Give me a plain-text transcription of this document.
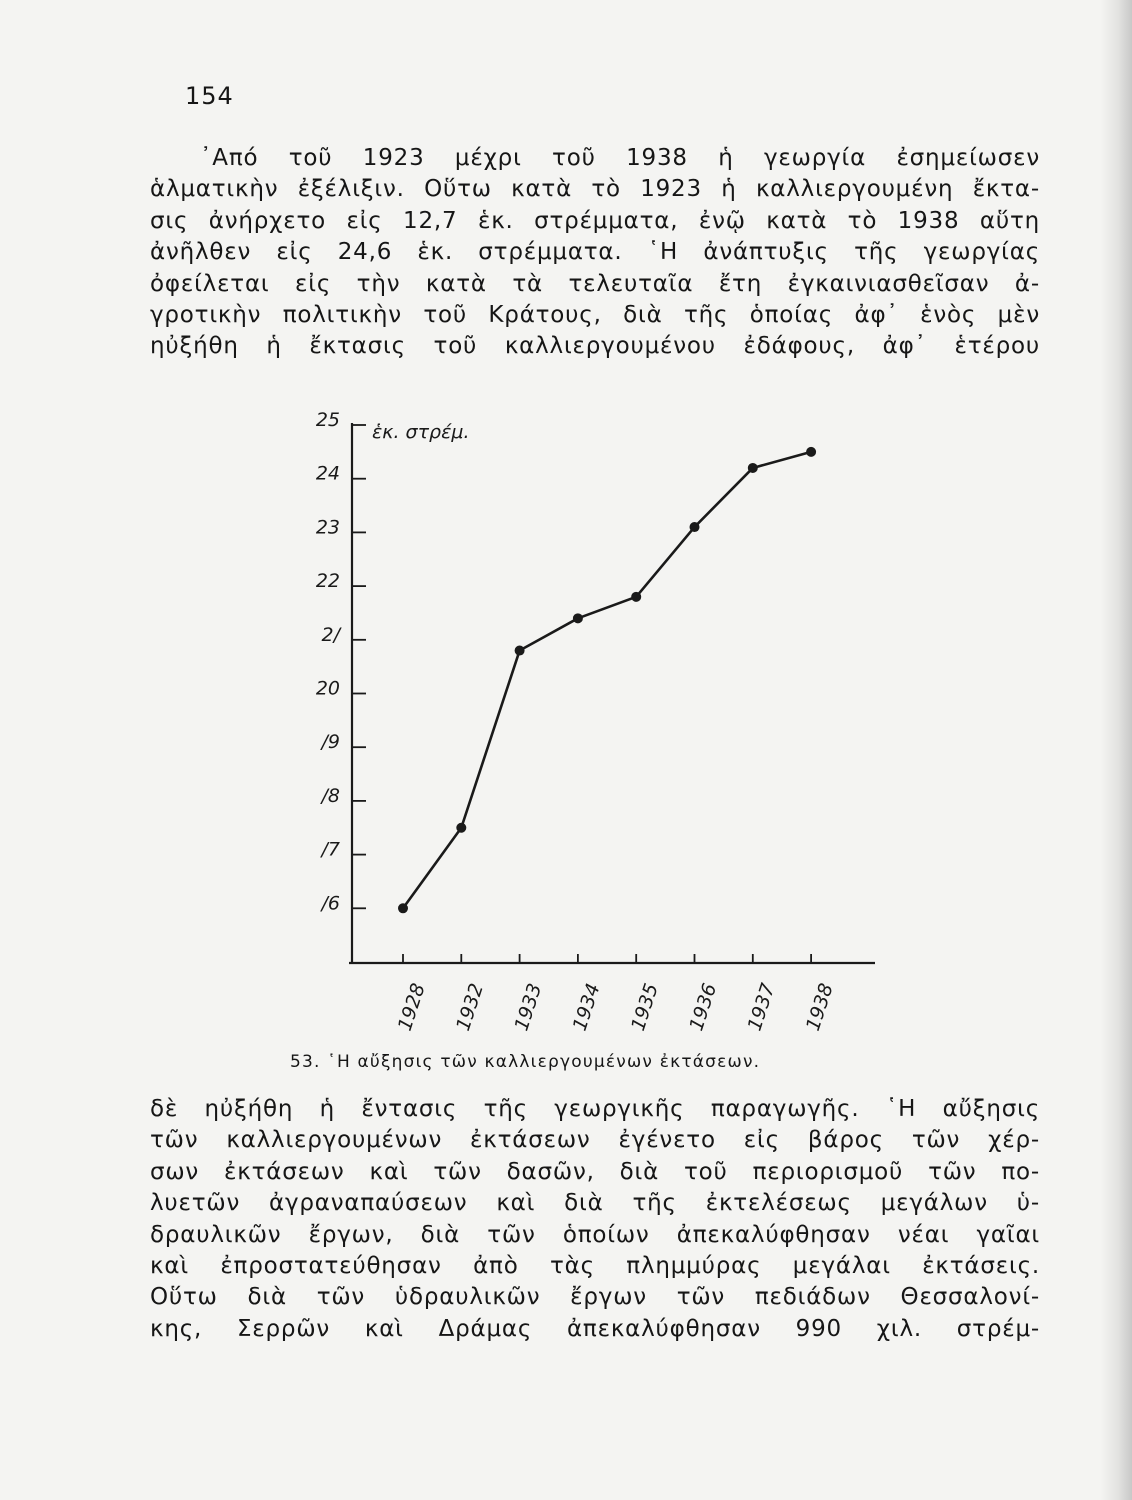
154
᾿Από τοῦ 1923 μέχρι τοῦ 1938 ἡ γεωργία ἐσημείωσεν
ἁλματικὴν ἐξέλιξιν. Οὕτω κατὰ τὸ 1923 ἡ καλλιεργουμένη ἔκτα-
σις ἀνήρχετο εἰς 12,7 ἑκ. στρέμματα, ἐνῷ κατὰ τὸ 1938 αὕτη
ἀνῆλθεν εἰς 24,6 ἑκ. στρέμματα. ῾Η ἀνάπτυξις τῆς γεωργίας
ὀφείλεται εἰς τὴν κατὰ τὰ τελευταῖα ἔτη ἐγκαινιασθεῖσαν ἀ-
γροτικὴν πολιτικὴν τοῦ Κράτους, διὰ τῆς ὁποίας ἀφ᾿ ἑνὸς μὲν
ηὐξήθη ἡ ἔκτασις τοῦ καλλιεργουμένου ἐδάφους, ἀφ᾿ ἑτέρου
/6
/7
/8
/9
20
2/
22
23
24
25
ἑκ. στρέμ.
1928 1932 1933 1934 1935 1936 1937 1938
53. ῾Η αὔξησις τῶν καλλιεργουμένων ἐκτάσεων.
δὲ ηὐξήθη ἡ ἔντασις τῆς γεωργικῆς παραγωγῆς. ῾Η αὔξησις
τῶν καλλιεργουμένων ἐκτάσεων ἐγένετο εἰς βάρος τῶν χέρ-
σων ἐκτάσεων καὶ τῶν δασῶν, διὰ τοῦ περιορισμοῦ τῶν πο-
λυετῶν ἀγραναπαύσεων καὶ διὰ τῆς ἐκτελέσεως μεγάλων ὑ-
δραυλικῶν ἔργων, διὰ τῶν ὁποίων ἀπεκαλύφθησαν νέαι γαῖαι
καὶ ἐπροστατεύθησαν ἀπὸ τὰς πλημμύρας μεγάλαι ἐκτάσεις.
Οὕτω διὰ τῶν ὑδραυλικῶν ἔργων τῶν πεδιάδων Θεσσαλονί-
κης, Σερρῶν καὶ Δράμας ἀπεκαλύφθησαν 990 χιλ. στρέμ-
